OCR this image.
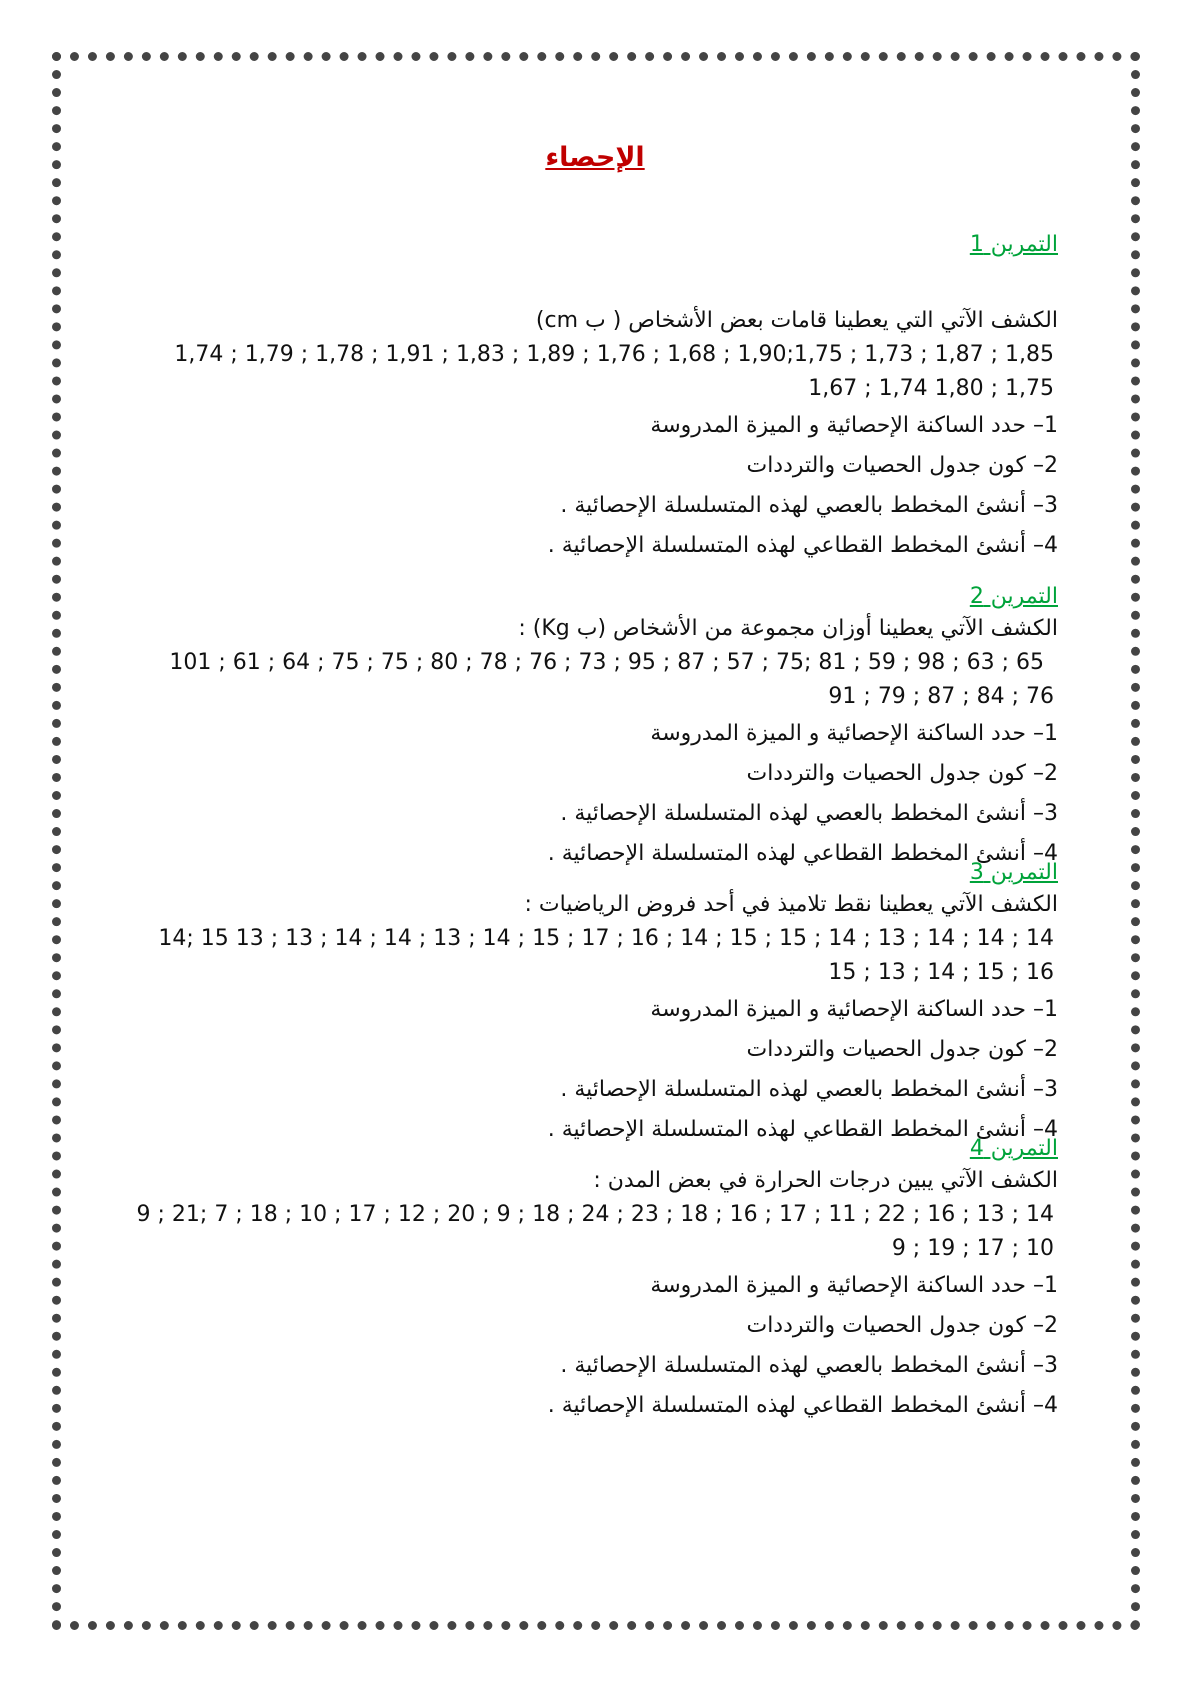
الإحصاء

التمرين 1

الكشف الآتي التي يعطينا قامات بعض الأشخاص ( ب cm)

1,74 ; 1,79 ; 1,78 ; 1,91 ; 1,83 ; 1,89 ; 1,76 ; 1,68 ; 1,90;1,75 ; 1,73 ; 1,87 ; 1,85

1,67 ; 1,74 1,80 ; 1,75

1– حدد الساكنة الإحصائية و الميزة المدروسة
2– كون جدول الحصيات والترددات
3– أنشئ المخطط بالعصي لهذه المتسلسلة الإحصائية .
4– أنشئ المخطط القطاعي لهذه المتسلسلة الإحصائية .

التمرين 2

الكشف الآتي يعطينا أوزان مجموعة من الأشخاص (ب Kg) :

101 ; 61 ; 64 ; 75 ; 75 ; 80 ; 78 ; 76 ; 73 ; 95 ; 87 ; 57 ; 75; 81 ; 59 ; 98 ; 63 ; 65

91 ; 79 ; 87 ; 84 ; 76

1– حدد الساكنة الإحصائية و الميزة المدروسة
2– كون جدول الحصيات والترددات
3– أنشئ المخطط بالعصي لهذه المتسلسلة الإحصائية .
4– أنشئ المخطط القطاعي لهذه المتسلسلة الإحصائية .

التمرين 3

الكشف الآتي يعطينا نقط تلاميذ في أحد فروض الرياضيات :

14; 15 13 ; 13 ; 14 ; 14 ; 13 ; 14 ; 15 ; 17 ; 16 ; 14 ; 15 ; 15 ; 14 ; 13 ; 14 ; 14 ; 14

15 ; 13 ; 14 ; 15 ; 16

1– حدد الساكنة الإحصائية و الميزة المدروسة
2– كون جدول الحصيات والترددات
3– أنشئ المخطط بالعصي لهذه المتسلسلة الإحصائية .
4– أنشئ المخطط القطاعي لهذه المتسلسلة الإحصائية .

التمرين 4

الكشف الآتي يبين درجات الحرارة في بعض المدن :

9 ; 21; 7 ; 18 ; 10 ; 17 ; 12 ; 20 ; 9 ; 18 ; 24 ; 23 ; 18 ; 16 ; 17 ; 11 ; 22 ; 16 ; 13 ; 14

9 ; 19 ; 17 ; 10

1– حدد الساكنة الإحصائية و الميزة المدروسة
2– كون جدول الحصيات والترددات
3– أنشئ المخطط بالعصي لهذه المتسلسلة الإحصائية .
4– أنشئ المخطط القطاعي لهذه المتسلسلة الإحصائية .
